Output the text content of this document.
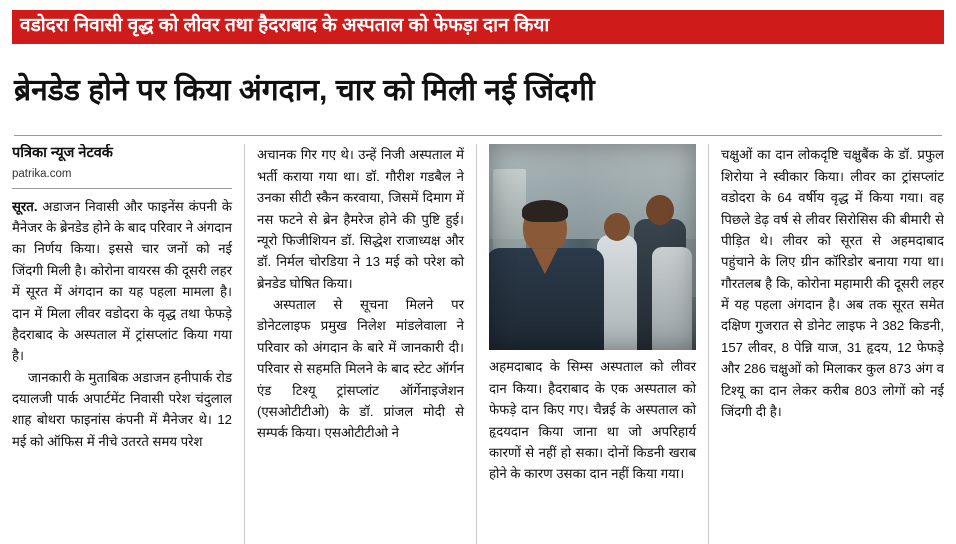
वडोदरा निवासी वृद्ध को लीवर तथा हैदराबाद के अस्पताल को फेफड़ा दान किया
ब्रेनडेड होने पर किया अंगदान, चार को मिली नई जिंदगी
पत्रिका न्यूज नेटवर्क
patrika.com

सूरत. अडाजन निवासी और फाइनेंस कंपनी के मैनेजर के ब्रेनडेड होने के बाद परिवार ने अंगदान का निर्णय किया। इससे चार जनों को नई जिंदगी मिली है। कोरोना वायरस की दूसरी लहर में सूरत में अंगदान का यह पहला मामला है। दान में मिला लीवर वडोदरा के वृद्ध तथा फेफड़े हैदराबाद के अस्पताल में ट्रांसप्लांट किया गया है।

जानकारी के मुताबिक अडाजन हनीपार्क रोड दयालजी पार्क अपार्टमेंट निवासी परेश चंदुलाल शाह बोथरा फाइनांस कंपनी में मैनेजर थे। 12 मई को ऑफिस में नीचे उतरते समय परेश

अचानक गिर गए थे। उन्हें निजी अस्पताल में भर्ती कराया गया था। डॉ. गौरीश गडबैल ने उनका सीटी स्कैन करवाया, जिसमें दिमाग में नस फटने से ब्रेन हैमरेज होने की पुष्टि हुई। न्यूरो फिजीशियन डॉ. सिद्धेश राजाध्यक्ष और डॉ. निर्मल चोरडिया ने 13 मई को परेश को ब्रेनडेड घोषित किया।

अस्पताल से सूचना मिलने पर डोनेटलाइफ प्रमुख निलेश मांडलेवाला ने परिवार को अंगदान के बारे में जानकारी दी। परिवार से सहमति मिलने के बाद स्टेट ऑर्गन एंड टिश्यू ट्रांसप्लांट ऑर्गेनाइजेशन (एसओटीटीओ) के डॉ. प्रांजल मोदी से सम्पर्क किया। एसओटीटीओ ने

अहमदाबाद के सिम्स अस्पताल को लीवर दान किया। हैदराबाद के एक अस्पताल को फेफड़े दान किए गए। चैन्नई के अस्पताल को हृदयदान किया जाना था जो अपरिहार्य कारणों से नहीं हो सका। दोनों किडनी खराब होने के कारण उसका दान नहीं किया गया।

चक्षुओं का दान लोकदृष्टि चक्षुबैंक के डॉ. प्रफुल शिरोया ने स्वीकार किया। लीवर का ट्रांसप्लांट वडोदरा के 64 वर्षीय वृद्ध में किया गया। वह पिछले डेढ़ वर्ष से लीवर सिरोसिस की बीमारी से पीड़ित थे। लीवर को सूरत से अहमदाबाद पहुंचाने के लिए ग्रीन कॉरिडोर बनाया गया था। गौरतलब है कि, कोरोना महामारी की दूसरी लहर में यह पहला अंगदान है। अब तक सूरत समेत दक्षिण गुजरात से डोनेट लाइफ ने 382 किडनी, 157 लीवर, 8 पेन्नि याज, 31 हृदय, 12 फेफड़े और 286 चक्षुओं को मिलाकर कुल 873 अंग व टिश्यू का दान लेकर करीब 803 लोगों को नई जिंदगी दी है।
